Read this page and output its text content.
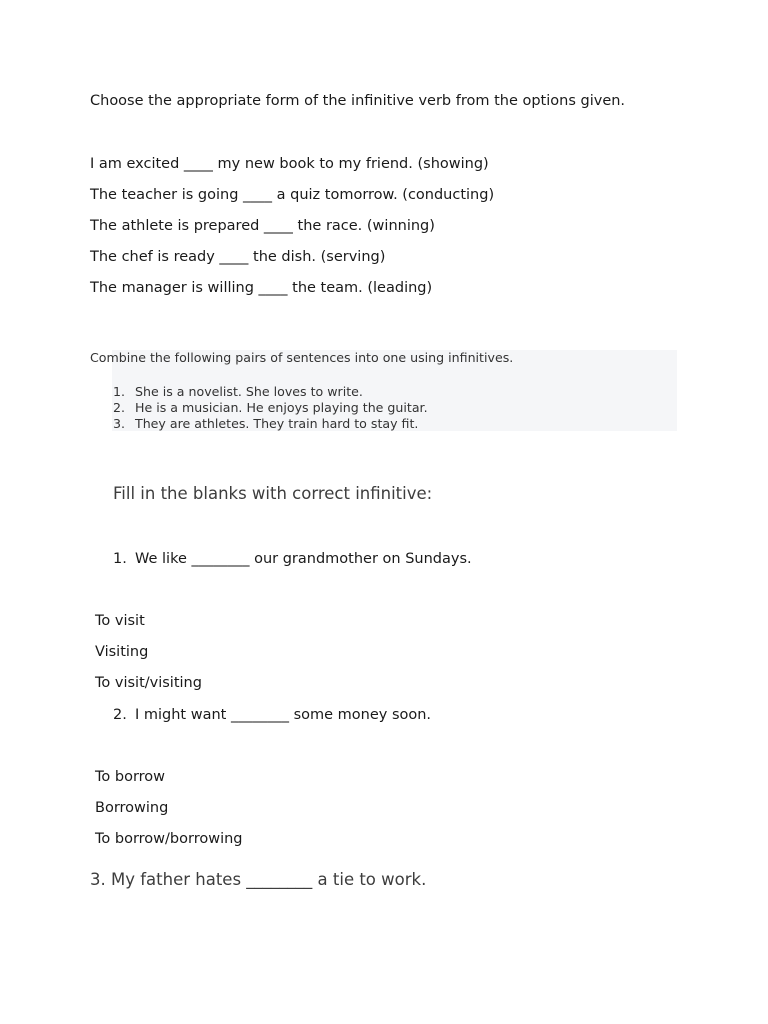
Choose the appropriate form of the infinitive verb from the options given.
I am excited ____ my new book to my friend. (showing)
The teacher is going ____ a quiz tomorrow. (conducting)
The athlete is prepared ____ the race. (winning)
The chef is ready ____ the dish. (serving)
The manager is willing ____ the team. (leading)
Combine the following pairs of sentences into one using infinitives.
1. She is a novelist. She loves to write.
2. He is a musician. He enjoys playing the guitar.
3. They are athletes. They train hard to stay fit.
Fill in the blanks with correct infinitive:
1. We like ________ our grandmother on Sundays.
To visit
Visiting
To visit/visiting
2. I might want ________ some money soon.
To borrow
Borrowing
To borrow/borrowing
3. My father hates ________ a tie to work.
